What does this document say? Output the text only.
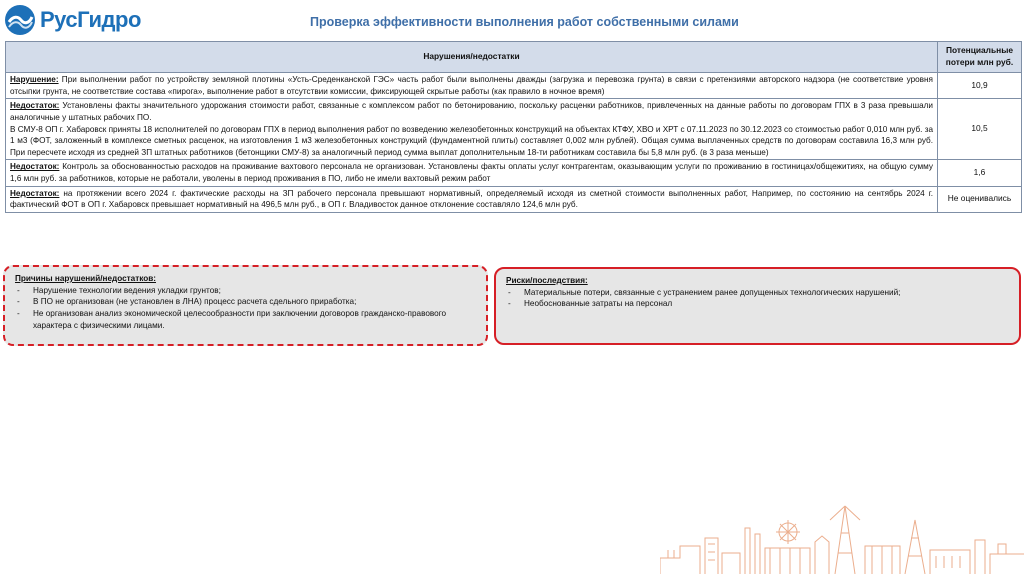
РусГидро	Проверка эффективности выполнения работ собственными силами
Нарушения/недостатки	Потенциальные потери млн руб.
Нарушение: При выполнении работ по устройству земляной плотины «Усть-Среденканской ГЭС» часть работ были выполнены дважды (загрузка и перевозка грунта) в связи с претензиями авторского надзора (не соответствие уровня отсыпки грунта, не соответствие состава «пирога», выполнение работ в отсутствии комиссии, фиксирующей скрытые работы (как правило в ночное время)	10,9
Недостаток: Установлены факты значительного удорожания стоимости работ, связанные с комплексом работ по бетонированию, поскольку расценки работников, привлеченных на данные работы по договорам ГПХ в 3 раза превышали аналогичные у штатных рабочих ПО.
В СМУ-8 ОП г. Хабаровск приняты 18 исполнителей по договорам ГПХ в период выполнения работ по возведению железобетонных конструкций на объектах КТФУ, ХВО и ХРТ с 07.11.2023 по 30.12.2023 со стоимостью работ 0,010 млн руб. за 1 м3 (ФОТ, заложенный в комплексе сметных расценок, на изготовления 1 м3 железобетонных конструкций (фундаментной плиты) составляет 0,002 млн рублей). Общая сумма выплаченных средств по договорам составила 16,3 млн руб. При пересчете исходя из средней ЗП штатных работников (бетонщики СМУ-8) за аналогичный период сумма выплат дополнительным 18-ти работникам составила бы 5,8 млн руб. (в 3 раза меньше)	10,5
Недостаток: Контроль за обоснованностью расходов на проживание вахтового персонала не организован. Установлены факты оплаты услуг контрагентам, оказывающим услуги по проживанию в гостиницах/общежитиях, на общую сумму 1,6 млн руб. за работников, которые не работали, уволены в период проживания в ПО, либо не имели вахтовый режим работ	1,6
Недостаток: на протяжении всего 2024 г. фактические расходы на ЗП рабочего персонала превышают нормативный, определяемый исходя из сметной стоимости выполненных работ, Например, по состоянию на сентябрь 2024 г. фактический ФОТ в ОП г. Хабаровск превышает нормативный на 496,5 млн руб., в ОП г. Владивосток данное отклонение составляло 124,6 млн руб.	Не оценивались
Причины нарушений/недостатков:
- Нарушение технологии ведения укладки грунтов;
- В ПО не организован (не установлен в ЛНА) процесс расчета сдельного приработка;
- Не организован анализ экономической целесообразности при заключении договоров гражданско-правового характера с физическими лицами.
Риски/последствия:
- Материальные потери, связанные с устранением ранее допущенных технологических нарушений;
- Необоснованные затраты на персонал
